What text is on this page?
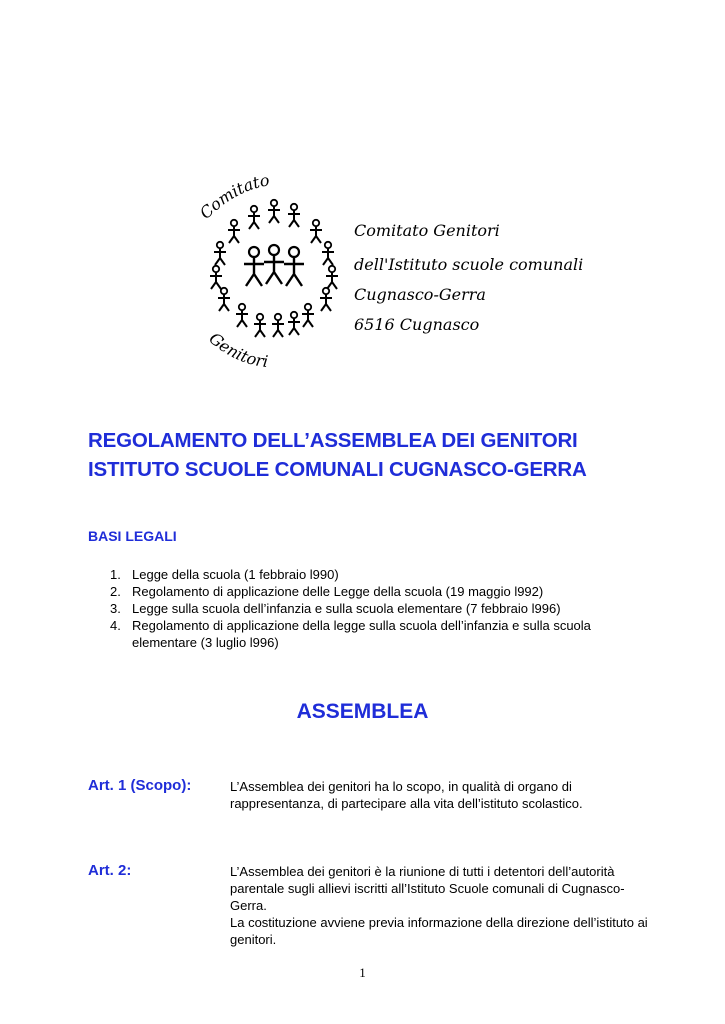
Comitato
Genitori
Comitato Genitori
dell'Istituto scuole comunali
Cugnasco-Gerra
6516 Cugnasco
REGOLAMENTO DELL’ASSEMBLEA DEI GENITORI
ISTITUTO SCUOLE COMUNALI CUGNASCO-GERRA
BASI LEGALI
1. Legge della scuola (1 febbraio l990)
2. Regolamento di applicazione delle Legge della scuola (19 maggio l992)
3. Legge sulla scuola dell’infanzia e sulla scuola elementare (7 febbraio l996)
4. Regolamento di applicazione della legge sulla scuola dell’infanzia e sulla scuola elementare (3 luglio l996)
ASSEMBLEA
Art. 1 (Scopo):	L’Assemblea dei genitori ha lo scopo, in qualità di organo di rappresentanza, di partecipare alla vita dell’istituto scolastico.
Art. 2:	L’Assemblea dei genitori è la riunione di tutti i detentori dell’autorità parentale sugli allievi iscritti all’Istituto Scuole comunali di Cugnasco-Gerra.
La costituzione avviene previa informazione della direzione dell’istituto ai genitori.
1
